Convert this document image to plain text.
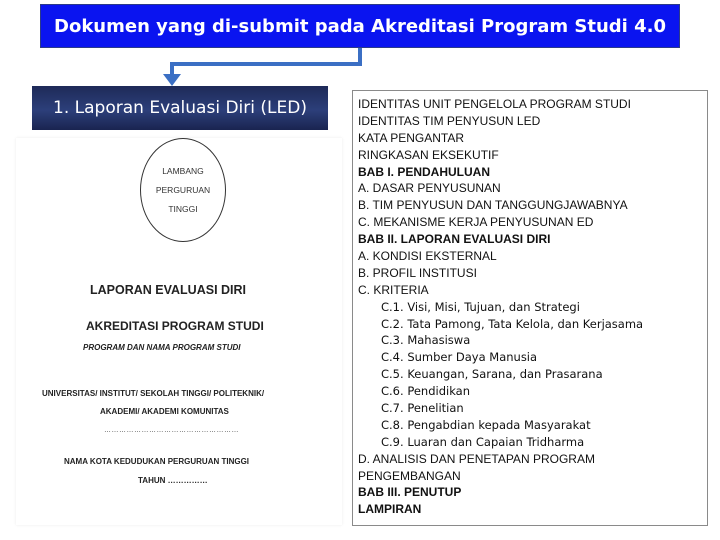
Dokumen yang di-submit pada Akreditasi Program Studi 4.0
1. Laporan Evaluasi Diri (LED)
LAMBANG
PERGURUAN
TINGGI
LAPORAN EVALUASI DIRI
AKREDITASI PROGRAM STUDI
PROGRAM DAN NAMA PROGRAM STUDI
UNIVERSITAS/ INSTITUT/ SEKOLAH TINGGI/ POLITEKNIK/
AKADEMI/ AKADEMI KOMUNITAS
………………………………………………
NAMA KOTA KEDUDUKAN PERGURUAN TINGGI
TAHUN ……………
IDENTITAS UNIT PENGELOLA PROGRAM STUDI
IDENTITAS TIM PENYUSUN LED
KATA PENGANTAR
RINGKASAN EKSEKUTIF
BAB I. PENDAHULUAN
A. DASAR PENYUSUNAN
B. TIM PENYUSUN DAN TANGGUNGJAWABNYA
C. MEKANISME KERJA PENYUSUNAN ED
BAB II. LAPORAN EVALUASI DIRI
A. KONDISI EKSTERNAL
B. PROFIL INSTITUSI
C. KRITERIA
C.1. Visi, Misi, Tujuan, dan Strategi
C.2. Tata Pamong, Tata Kelola, dan Kerjasama
C.3. Mahasiswa
C.4. Sumber Daya Manusia
C.5. Keuangan, Sarana, dan Prasarana
C.6. Pendidikan
C.7. Penelitian
C.8. Pengabdian kepada Masyarakat
C.9. Luaran dan Capaian Tridharma
D. ANALISIS DAN PENETAPAN PROGRAM
PENGEMBANGAN
BAB III. PENUTUP
LAMPIRAN
